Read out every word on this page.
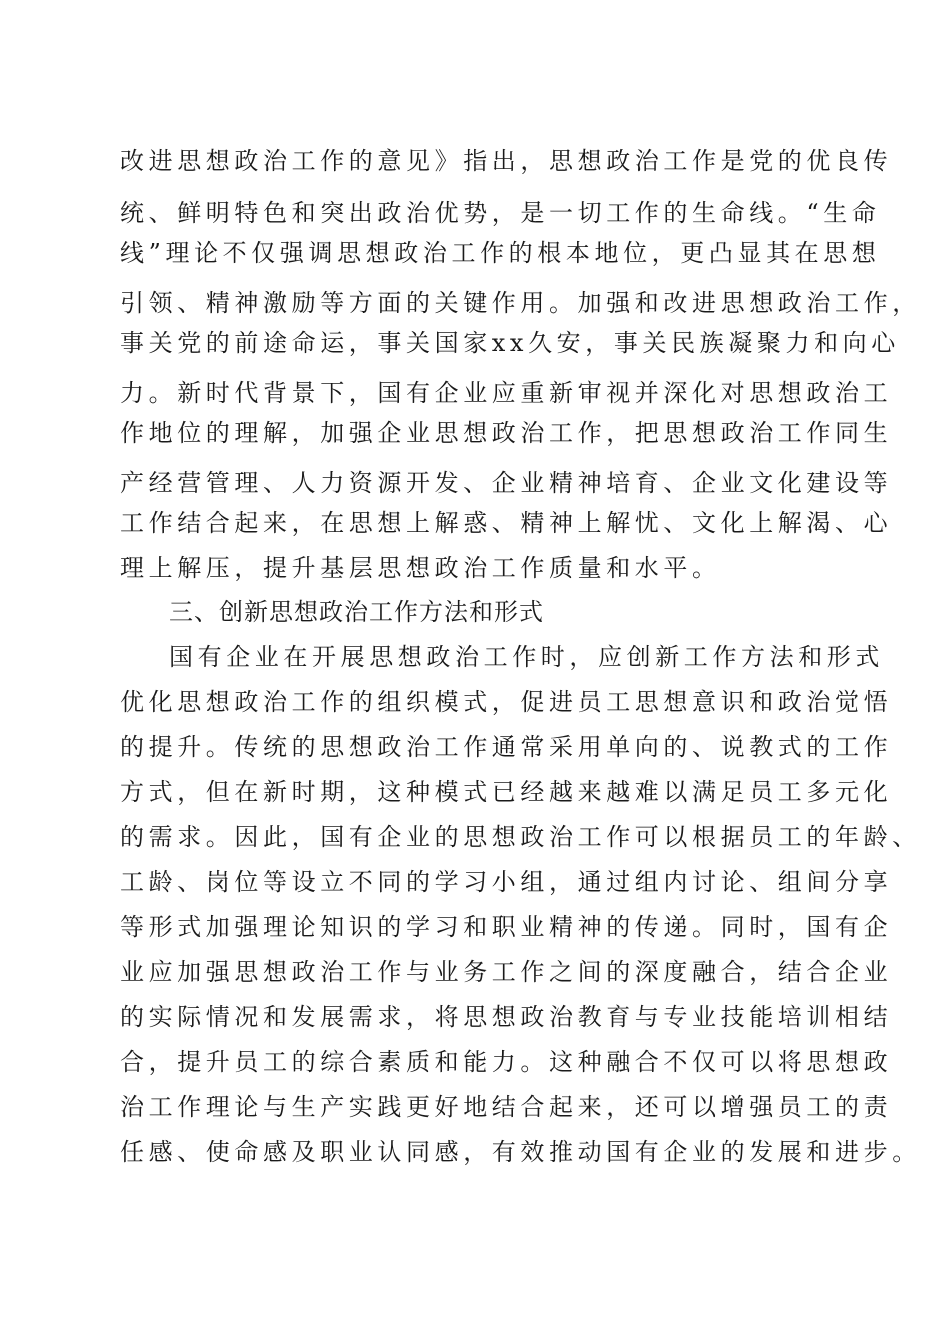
改进思想政治工作的意见》指出，思想政治工作是党的优良传
统、鲜明特色和突出政治优势，是一切工作的生命线。“生命
线”理论不仅强调思想政治工作的根本地位，更凸显其在思想
引领、精神激励等方面的关键作用。加强和改进思想政治工作，
事关党的前途命运，事关国家xx久安，事关民族凝聚力和向心
力。新时代背景下，国有企业应重新审视并深化对思想政治工
作地位的理解，加强企业思想政治工作，把思想政治工作同生
产经营管理、人力资源开发、企业精神培育、企业文化建设等
工作结合起来，在思想上解惑、精神上解忧、文化上解渴、心
理上解压，提升基层思想政治工作质量和水平。
三、创新思想政治工作方法和形式
国有企业在开展思想政治工作时，应创新工作方法和形式
优化思想政治工作的组织模式，促进员工思想意识和政治觉悟
的提升。传统的思想政治工作通常采用单向的、说教式的工作
方式，但在新时期，这种模式已经越来越难以满足员工多元化
的需求。因此，国有企业的思想政治工作可以根据员工的年龄、
工龄、岗位等设立不同的学习小组，通过组内讨论、组间分享
等形式加强理论知识的学习和职业精神的传递。同时，国有企
业应加强思想政治工作与业务工作之间的深度融合，结合企业
的实际情况和发展需求，将思想政治教育与专业技能培训相结
合，提升员工的综合素质和能力。这种融合不仅可以将思想政
治工作理论与生产实践更好地结合起来，还可以增强员工的责
任感、使命感及职业认同感，有效推动国有企业的发展和进步。
